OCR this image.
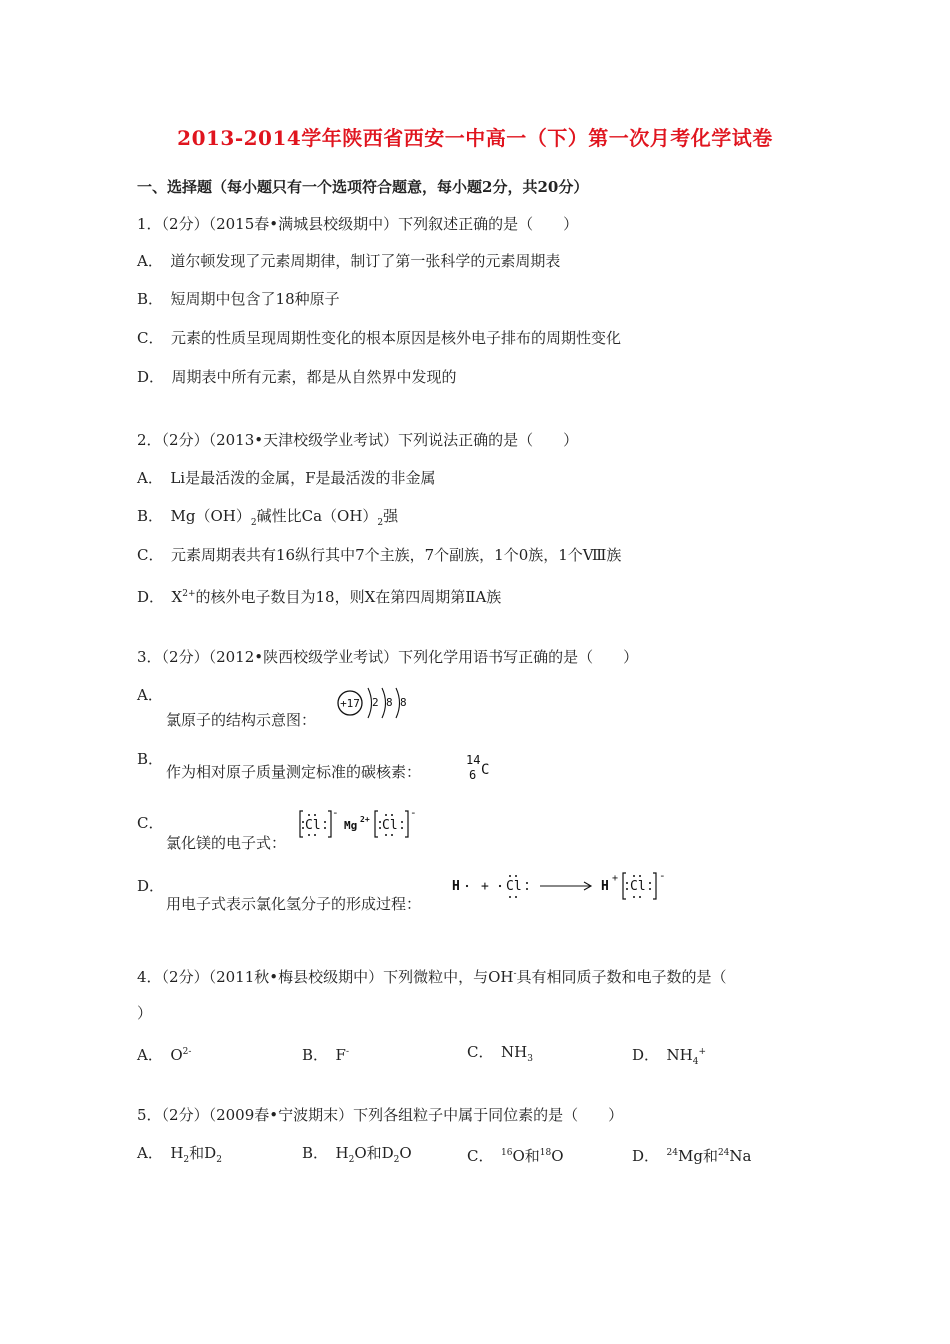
2013-2014学年陕西省西安一中高一（下）第一次月考化学试卷
一、选择题（每小题只有一个选项符合题意，每小题2分，共20分）
1．（2分）（2015春•满城县校级期中）下列叙述正确的是（　　）
A．　道尔顿发现了元素周期律，制订了第一张科学的元素周期表
B．　短周期中包含了18种原子
C．　元素的性质呈现周期性变化的根本原因是核外电子排布的周期性变化
D．　周期表中所有元素，都是从自然界中发现的
2．（2分）（2013•天津校级学业考试）下列说法正确的是（　　）
A．　Li是最活泼的金属，F是最活泼的非金属
B．　$Mg(OH)_2$碱性比$Ca(OH)_2$强
C．　元素周期表共有16纵行其中7个主族，7个副族，1个0族，1个Ⅷ族
D．　$X^{2+}$的核外电子数目为18，则X在第四周期第ⅡA族
3．（2分）（2012•陕西校级学业考试）下列化学用语书写正确的是（　　）
A．
氯原子的结构示意图：
+17 2 8 8
B．
作为相对原子质量测定标准的碳核素：
14
6 C
C．
氯化镁的电子式：
Cl
-
Mg 2+ Cl
-
D．
用电子式表示氯化氢分子的形成过程：
H + Cl	H
+
Cl
-
4．（2分）（2011秋•梅县校级期中）下列微粒中，与OH-具有相同质子数和电子数的是（
）
A．　$O^{2-}$	B．　F-	C．　$NH_3$	D．　$NH_4^+$
5．（2分）（2009春•宁波期末）下列各组粒子中属于同位素的是（　　）
A．　$H_2$和$D_2$	B．　$H_2O$和$D_2O$	C．　$^{16}$O和$^{18}$O	D．　$^{24}$Mg和$^{24}$Na
